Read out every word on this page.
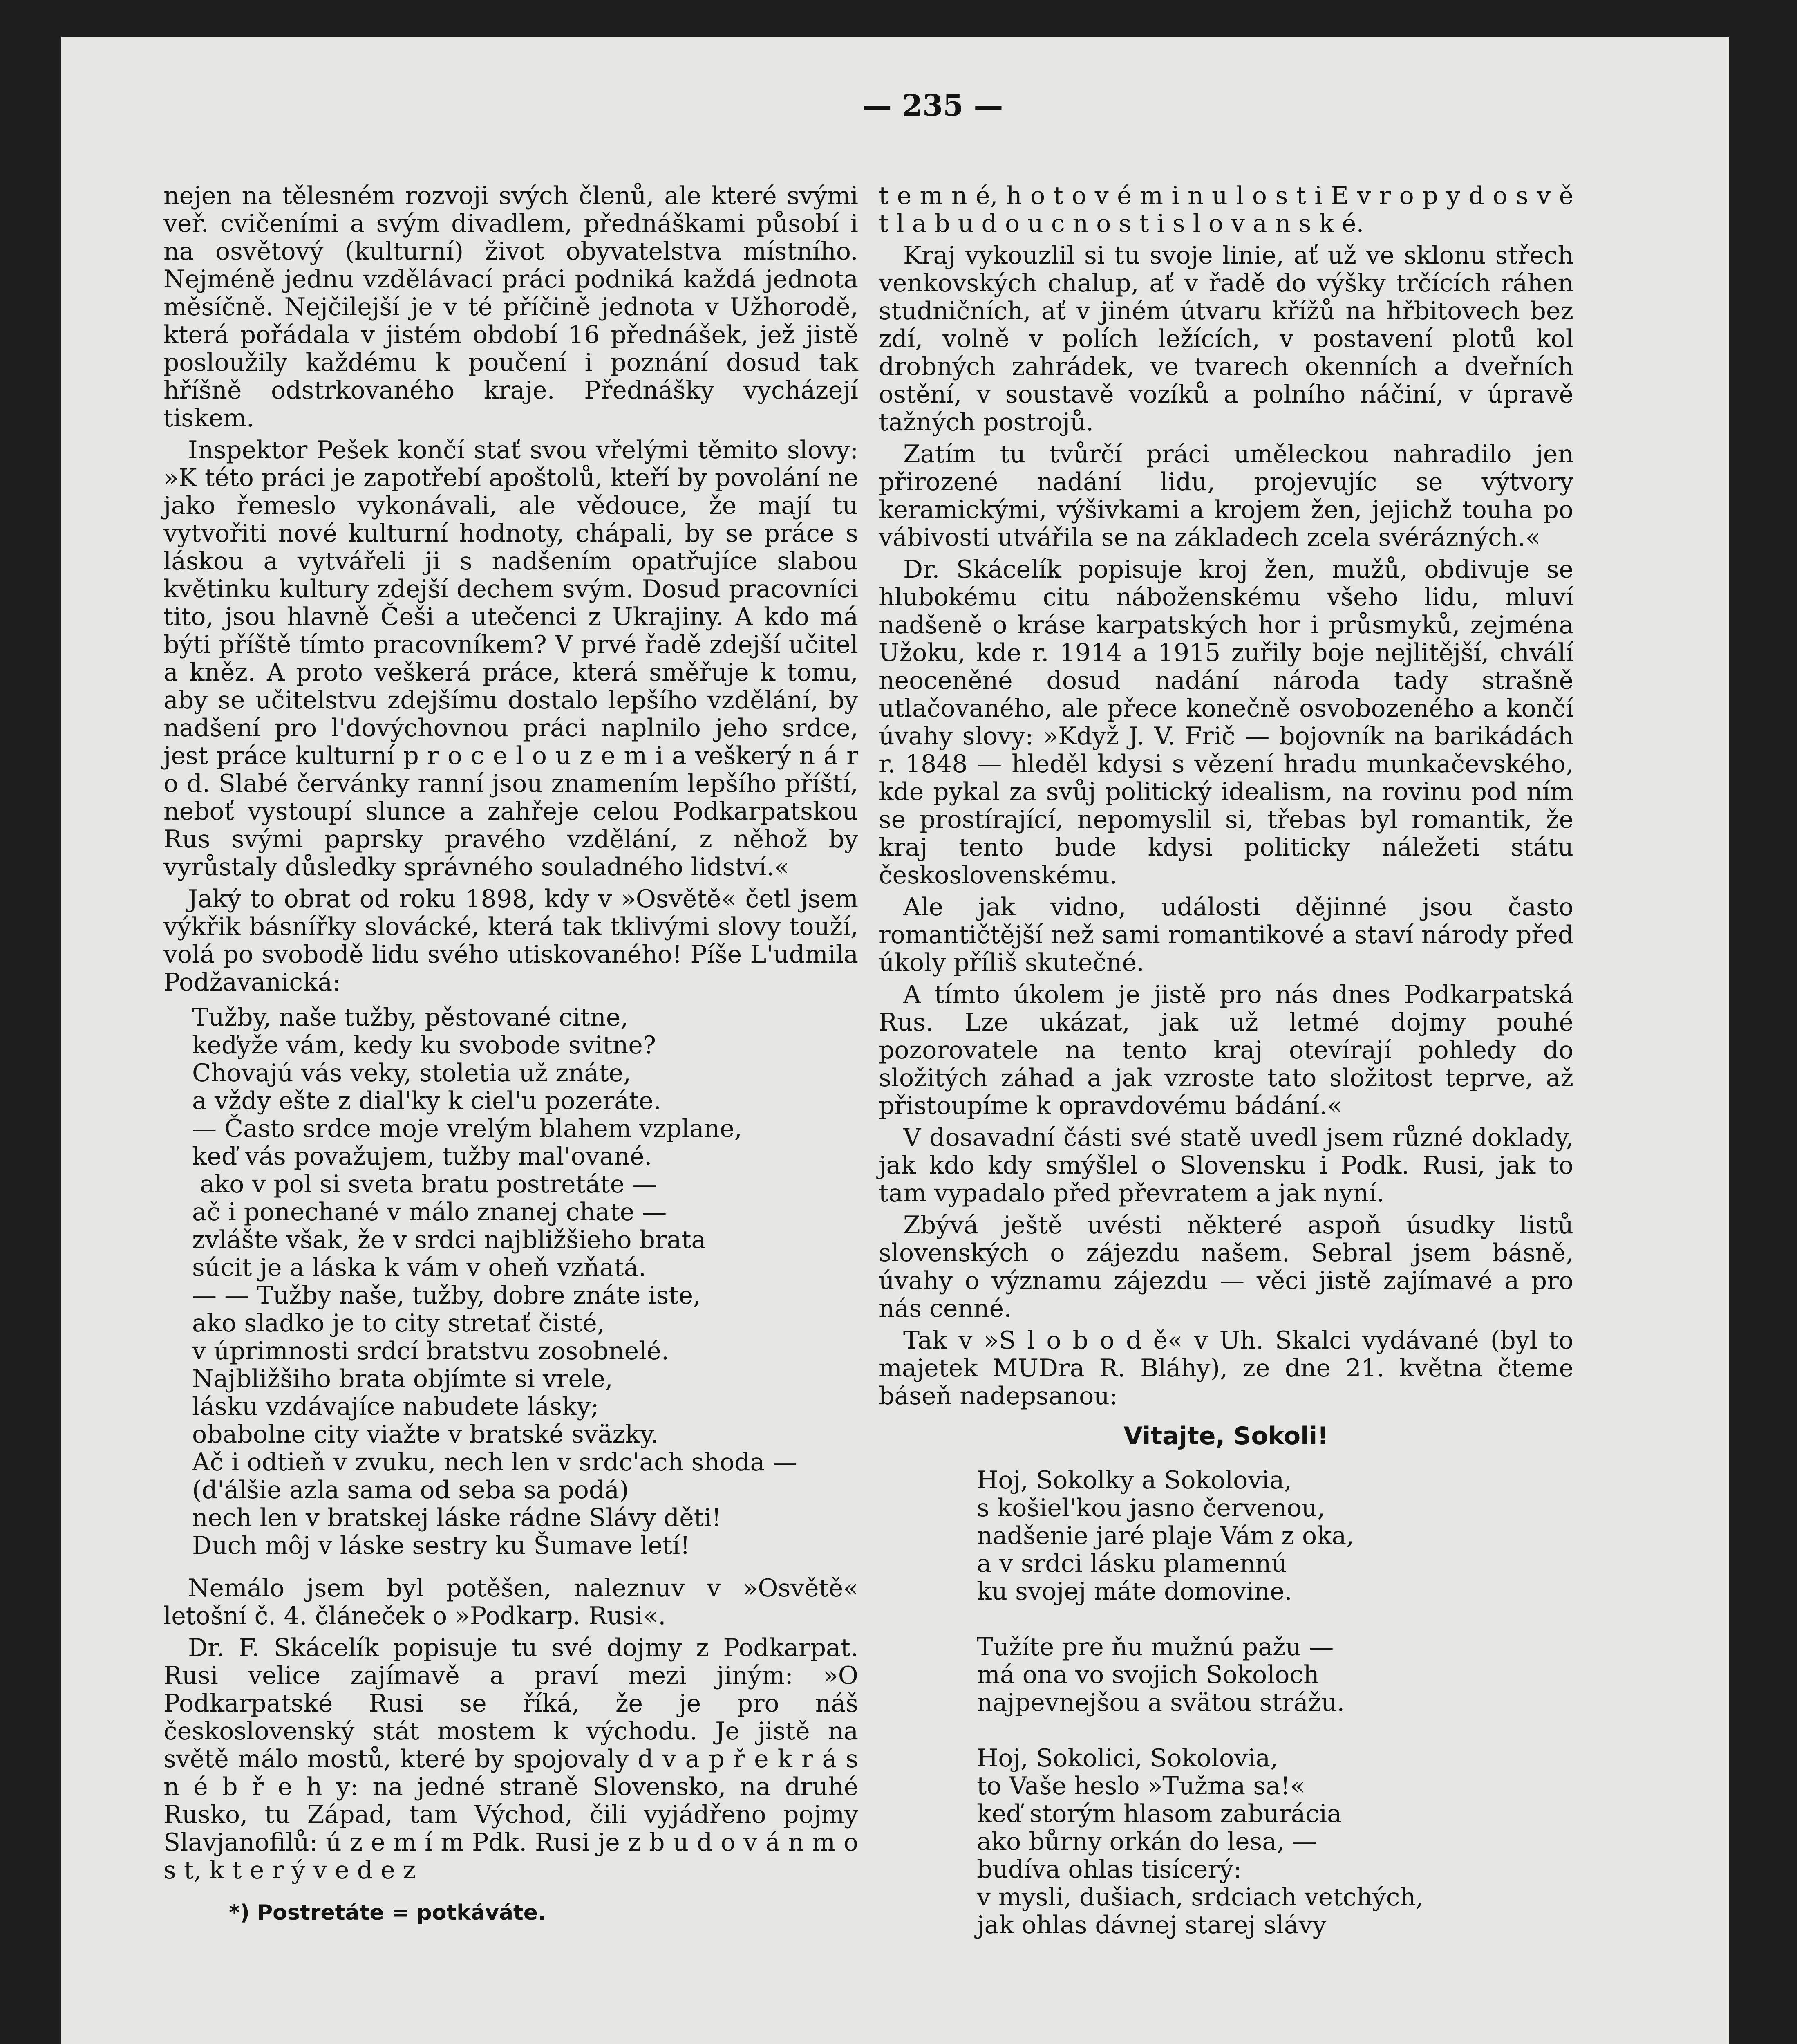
— 235 —

nejen na tělesném rozvoji svých členů, ale které svými veř. cvičeními a svým divadlem, přednáškami působí i na osvětový (kulturní) život obyvatelstva místního. Nejméně jednu vzdělávací práci podniká každá jednota měsíčně. Nejčilejší je v té příčině jednota v Užhorodě, která pořádala v jistém období 16 přednášek, jež jistě posloužily každému k poučení i poznání dosud tak hříšně odstrkovaného kraje. Přednášky vycházejí tiskem.

Inspektor Pešek končí stať svou vřelými těmito slovy: »K této práci je zapotřebí apoštolů, kteří by povolání ne jako řemeslo vykonávali, ale vědouce, že mají tu vytvořiti nové kulturní hodnoty, chápali, by se práce s láskou a vytvářeli ji s nadšením opatřujíce slabou květinku kultury zdejší dechem svým. Dosud pracovníci tito, jsou hlavně Češi a utečenci z Ukrajiny. A kdo má býti příště tímto pracovníkem? V prvé řadě zdejší učitel a kněz. A proto veškerá práce, která směřuje k tomu, aby se učitelstvu zdejšímu dostalo lepšího vzdělání, by nadšení pro l'dovýchovnou práci naplnilo jeho srdce, jest práce kulturní p r o c e l o u z e m i a veškerý n á r o d. Slabé červánky ranní jsou znamením lepšího příští, neboť vystoupí slunce a zahřeje celou Podkarpatskou Rus svými paprsky pravého vzdělání, z něhož by vyrůstaly důsledky správného souladného lidství.«

Jaký to obrat od roku 1898, kdy v »Osvětě« četl jsem výkřik básnířky slovácké, která tak tklivými slovy touží, volá po svobodě lidu svého utiskovaného! Píše L'udmila Podžavanická:

Tužby, naše tužby, pěstované citne,
keďyže vám, kedy ku svobode svitne?
Chovajú vás veky, stoletia už znáte,
a vždy ešte z dial'ky k ciel'u pozeráte.
— Často srdce moje vrelým blahem vzplane,
keď vás považujem, tužby mal'ované.
ako v pol si sveta bratu postretáte —
ač i ponechané v málo znanej chate —
zvlášte však, že v srdci najbližšieho brata
súcit je a láska k vám v oheň vzňatá.
— — Tužby naše, tužby, dobre znáte iste,
ako sladko je to city stretať čisté,
v úprimnosti srdcí bratstvu zosobnelé.
Najbližšiho brata objímte si vrele,
lásku vzdávajíce nabudete lásky;
obabolne city viažte v bratské sväzky.
Ač i odtieň v zvuku, nech len v srdc'ach shoda —
(d'álšie azla sama od seba sa podá)
nech len v bratskej láske rádne Slávy děti!
Duch môj v láske sestry ku Šumave letí!

Nemálo jsem byl potěšen, naleznuv v »Osvětě« letošní č. 4. článeček o »Podkarp. Rusi«.

Dr. F. Skácelík popisuje tu své dojmy z Podkarpat. Rusi velice zajímavě a praví mezi jiným: »O Podkarpatské Rusi se říká, že je pro náš československý stát mostem k východu. Je jistě na světě málo mostů, které by spojovaly d v a p ř e k r á s n é b ř e h y: na jedné straně Slovensko, na druhé Rusko, tu Západ, tam Východ, čili vyjádřeno pojmy Slavjanofilů: ú z e m í m Pdk. Rusi je z b u d o v á n m o s t, k t e r ý v e d e z

*) Postretáte = potkáváte.

t e m n é, h o t o v é m i n u l o s t i E v r o p y d o s v ě t l a b u d o u c n o s t i s l o v a n s k é.

Kraj vykouzlil si tu svoje linie, ať už ve sklonu střech venkovských chalup, ať v řadě do výšky trčících ráhen studničních, ať v jiném útvaru křížů na hřbitovech bez zdí, volně v polích ležících, v postavení plotů kol drobných zahrádek, ve tvarech okenních a dveřních ostění, v soustavě vozíků a polního náčiní, v úpravě tažných postrojů.

Zatím tu tvůrčí práci uměleckou nahradilo jen přirozené nadání lidu, projevujíc se výtvory keramickými, výšivkami a krojem žen, jejichž touha po vábivosti utvářila se na základech zcela svérázných.«

Dr. Skácelík popisuje kroj žen, mužů, obdivuje se hlubokému citu náboženskému všeho lidu, mluví nadšeně o kráse karpatských hor i průsmyků, zejména Užoku, kde r. 1914 a 1915 zuřily boje nejlitější, chválí neoceněné dosud nadání národa tady strašně utlačovaného, ale přece konečně osvobozeného a končí úvahy slovy: »Když J. V. Frič — bojovník na barikádách r. 1848 — hleděl kdysi s vězení hradu munkačevského, kde pykal za svůj politický idealism, na rovinu pod ním se prostírající, nepomyslil si, třebas byl romantik, že kraj tento bude kdysi politicky náležeti státu československému.

Ale jak vidno, události dějinné jsou často romantičtější než sami romantikové a staví národy před úkoly příliš skutečné.

A tímto úkolem je jistě pro nás dnes Podkarpatská Rus. Lze ukázat, jak už letmé dojmy pouhé pozorovatele na tento kraj otevírají pohledy do složitých záhad a jak vzroste tato složitost teprve, až přistoupíme k opravdovému bádání.«

V dosavadní části své statě uvedl jsem různé doklady, jak kdo kdy smýšlel o Slovensku i Podk. Rusi, jak to tam vypadalo před převratem a jak nyní.

Zbývá ještě uvésti některé aspoň úsudky listů slovenských o zájezdu našem. Sebral jsem básně, úvahy o významu zájezdu — věci jistě zajímavé a pro nás cenné.

Tak v »S l o b o d ě« v Uh. Skalci vydávané (byl to majetek MUDra R. Bláhy), ze dne 21. května čteme báseň nadepsanou:

Vitajte, Sokoli!
Hoj, Sokolky a Sokolovia,
s košiel'kou jasno červenou,
nadšenie jaré plaje Vám z oka,
a v srdci lásku plamennú
ku svojej máte domovine.
Tužíte pre ňu mužnú pažu —
má ona vo svojich Sokoloch
najpevnejšou a svätou strážu.
Hoj, Sokolici, Sokolovia,
to Vaše heslo »Tužma sa!«
keď storým hlasom zaburácia
ako bůrny orkán do lesa, —
budíva ohlas tisícerý:
v mysli, dušiach, srdciach vetchých,
jak ohlas dávnej starej slávy
